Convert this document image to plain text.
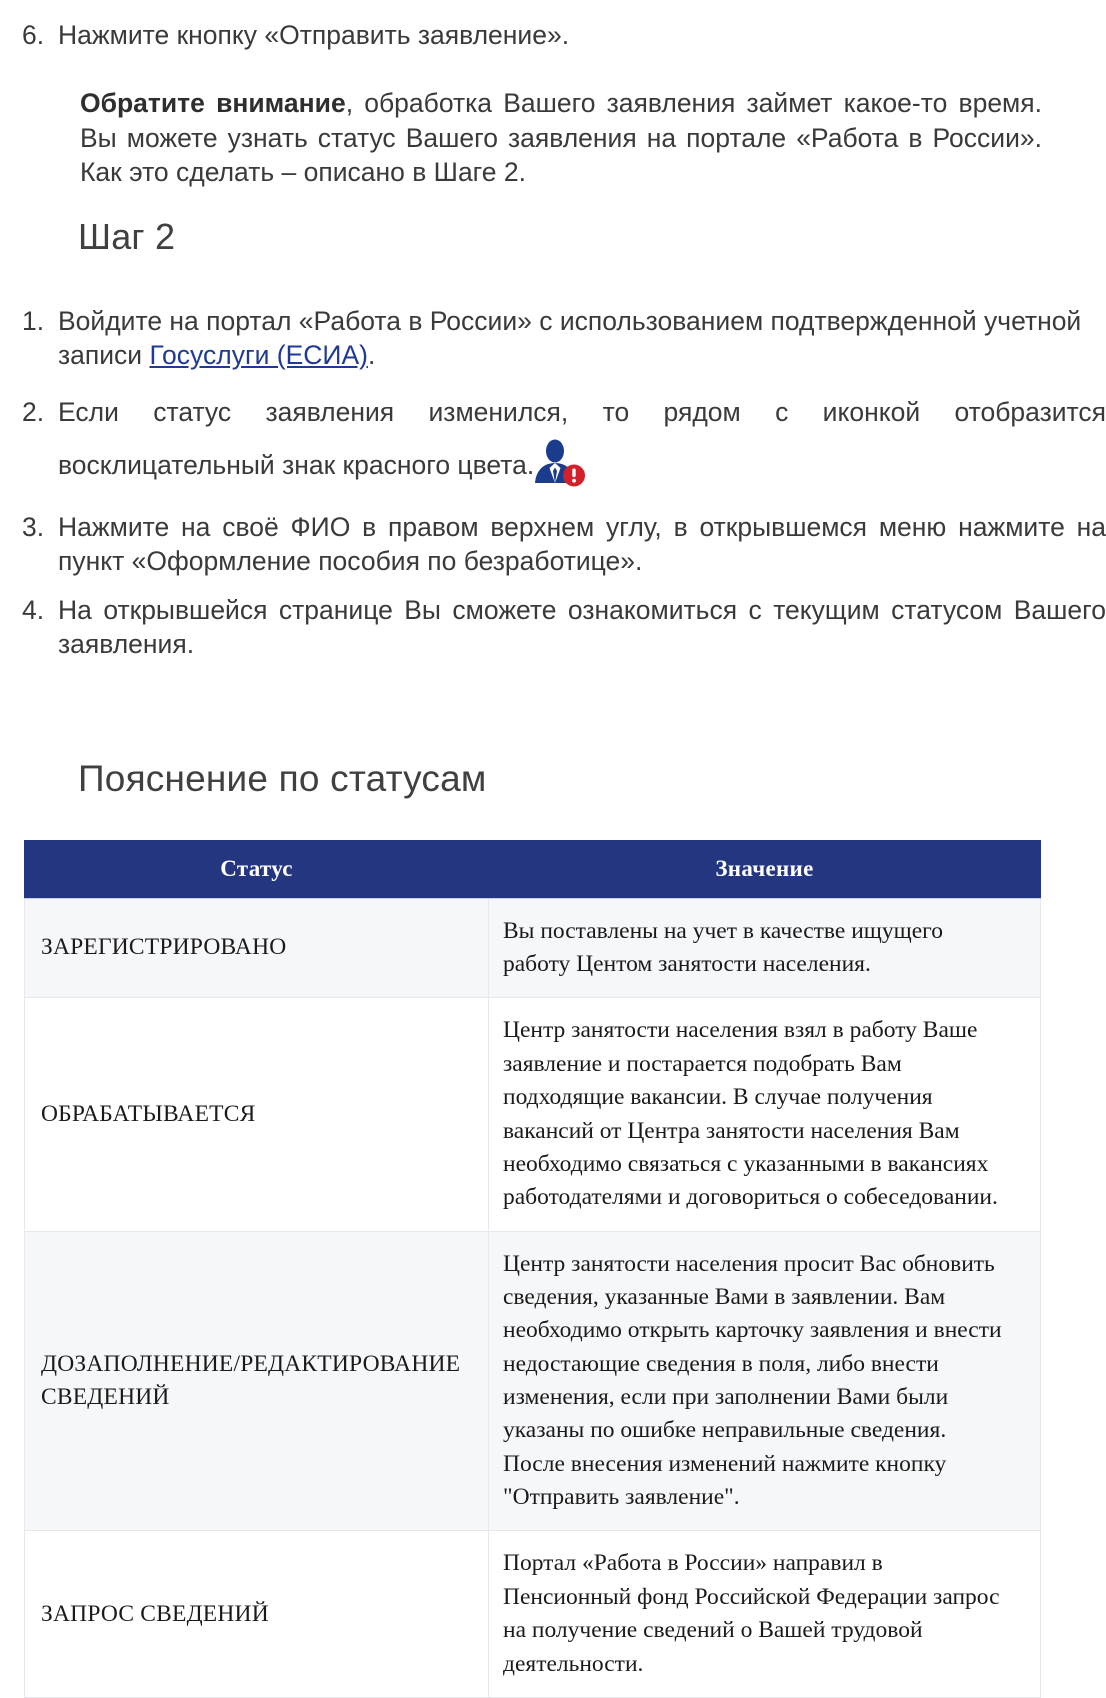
6. Нажмите кнопку «Отправить заявление».

Обратите внимание, обработка Вашего заявления займет какое-то время. Вы можете узнать статус Вашего заявления на портале «Работа в России». Как это сделать – описано в Шаге 2.

Шаг 2
1. Войдите на портал «Работа в России» с использованием подтвержденной учетной записи Госуслуги (ЕСИА).
2. Если статус заявления изменился, то рядом с иконкой отобразится восклицательный знак красного цвета.
3. Нажмите на своё ФИО в правом верхнем углу, в открывшемся меню нажмите на пункт «Оформление пособия по безработице».
4. На открывшейся странице Вы сможете ознакомиться с текущим статусом Вашего заявления.
Пояснение по статусам
Статус	Значение
ЗАРЕГИСТРИРОВАНО	Вы поставлены на учет в качестве ищущего работу Центом занятости населения.

ОБРАБАТЫВАЕТСЯ	Центр занятости населения взял в работу Ваше заявление и постарается подобрать Вам подходящие вакансии. В случае получения вакансий от Центра занятости населения Вам необходимо связаться с указанными в вакансиях работодателями и договориться о собеседовании.

ДОЗАПОЛНЕНИЕ/РЕДАКТИРОВАНИЕ СВЕДЕНИЙ	Центр занятости населения просит Вас обновить сведения, указанные Вами в заявлении. Вам необходимо открыть карточку заявления и внести недостающие сведения в поля, либо внести изменения, если при заполнении Вами были указаны по ошибке неправильные сведения. После внесения изменений нажмите кнопку "Отправить заявление".

ЗАПРОС СВЕДЕНИЙ	Портал «Работа в России» направил в Пенсионный фонд Российской Федерации запрос на получение сведений о Вашей трудовой деятельности.
